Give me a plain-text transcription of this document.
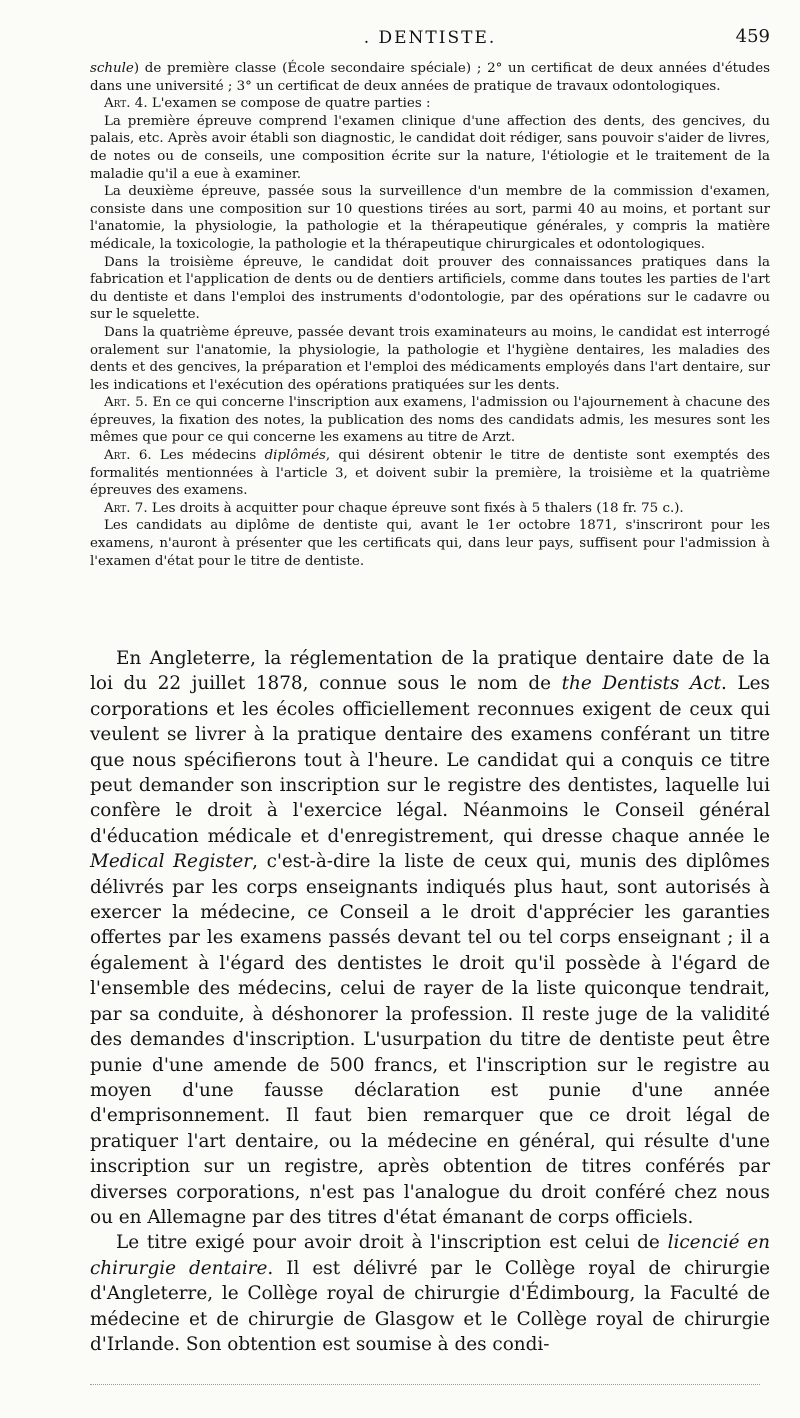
. DENTISTE.	459

schule) de première classe (École secondaire spéciale) ; 2° un certificat de deux années d'études dans une université ; 3° un certificat de deux années de pratique de travaux odontologiques.

Art. 4. L'examen se compose de quatre parties :

La première épreuve comprend l'examen clinique d'une affection des dents, des gencives, du palais, etc. Après avoir établi son diagnostic, le candidat doit rédiger, sans pouvoir s'aider de livres, de notes ou de conseils, une composition écrite sur la nature, l'étiologie et le traitement de la maladie qu'il a eue à examiner.

La deuxième épreuve, passée sous la surveillence d'un membre de la commission d'examen, consiste dans une composition sur 10 questions tirées au sort, parmi 40 au moins, et portant sur l'anatomie, la physiologie, la pathologie et la thérapeutique générales, y compris la matière médicale, la toxicologie, la pathologie et la thérapeutique chirurgicales et odontologiques.

Dans la troisième épreuve, le candidat doit prouver des connaissances pratiques dans la fabrication et l'application de dents ou de dentiers artificiels, comme dans toutes les parties de l'art du dentiste et dans l'emploi des instruments d'odontologie, par des opérations sur le cadavre ou sur le squelette.

Dans la quatrième épreuve, passée devant trois examinateurs au moins, le candidat est interrogé oralement sur l'anatomie, la physiologie, la pathologie et l'hygiène dentaires, les maladies des dents et des gencives, la préparation et l'emploi des médicaments employés dans l'art dentaire, sur les indications et l'exécution des opérations pratiquées sur les dents.

Art. 5. En ce qui concerne l'inscription aux examens, l'admission ou l'ajournement à chacune des épreuves, la fixation des notes, la publication des noms des candidats admis, les mesures sont les mêmes que pour ce qui concerne les examens au titre de Arzt.

Art. 6. Les médecins diplômés, qui désirent obtenir le titre de dentiste sont exemptés des formalités mentionnées à l'article 3, et doivent subir la première, la troisième et la quatrième épreuves des examens.

Art. 7. Les droits à acquitter pour chaque épreuve sont fixés à 5 thalers (18 fr. 75 c.).

Les candidats au diplôme de dentiste qui, avant le 1er octobre 1871, s'inscriront pour les examens, n'auront à présenter que les certificats qui, dans leur pays, suffisent pour l'admission à l'examen d'état pour le titre de dentiste.

En Angleterre, la réglementation de la pratique dentaire date de la loi du 22 juillet 1878, connue sous le nom de the Dentists Act. Les corporations et les écoles officiellement reconnues exigent de ceux qui veulent se livrer à la pratique dentaire des examens conférant un titre que nous spécifierons tout à l'heure. Le candidat qui a conquis ce titre peut demander son inscription sur le registre des dentistes, laquelle lui confère le droit à l'exercice légal. Néanmoins le Conseil général d'éducation médicale et d'enregistrement, qui dresse chaque année le Medical Register, c'est-à-dire la liste de ceux qui, munis des diplômes délivrés par les corps enseignants indiqués plus haut, sont autorisés à exercer la médecine, ce Conseil a le droit d'apprécier les garanties offertes par les examens passés devant tel ou tel corps enseignant ; il a également à l'égard des dentistes le droit qu'il possède à l'égard de l'ensemble des médecins, celui de rayer de la liste quiconque tendrait, par sa conduite, à déshonorer la profession. Il reste juge de la validité des demandes d'inscription. L'usurpation du titre de dentiste peut être punie d'une amende de 500 francs, et l'inscription sur le registre au moyen d'une fausse déclaration est punie d'une année d'emprisonnement. Il faut bien remarquer que ce droit légal de pratiquer l'art dentaire, ou la médecine en général, qui résulte d'une inscription sur un registre, après obtention de titres conférés par diverses corporations, n'est pas l'analogue du droit conféré chez nous ou en Allemagne par des titres d'état émanant de corps officiels.

Le titre exigé pour avoir droit à l'inscription est celui de licencié en chirurgie dentaire. Il est délivré par le Collège royal de chirurgie d'Angleterre, le Collège royal de chirurgie d'Édimbourg, la Faculté de médecine et de chirurgie de Glasgow et le Collège royal de chirurgie d'Irlande. Son obtention est soumise à des condi-
